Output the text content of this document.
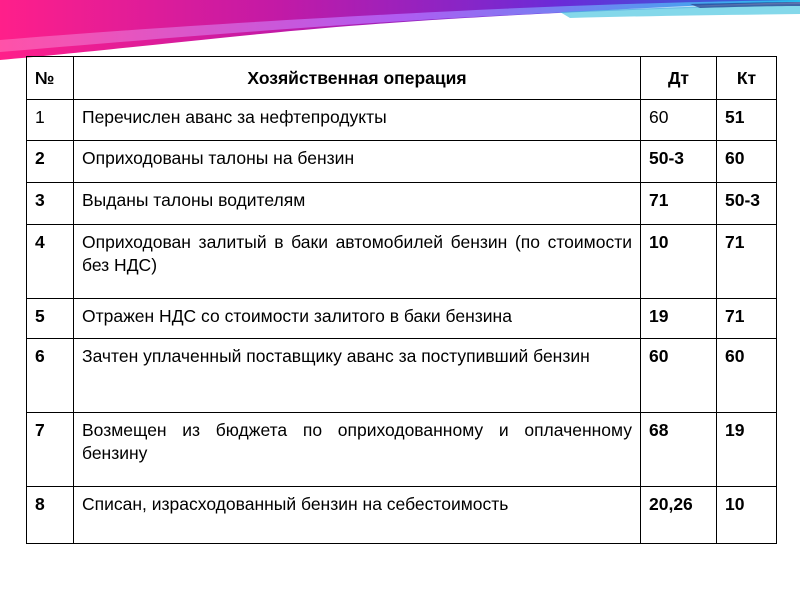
№	Хозяйственная операция	Дт	Кт
1	Перечислен аванс за нефтепродукты	60	51
2	Оприходованы талоны на бензин	50-3	60
3	Выданы талоны водителям	71	50-3
4	Оприходован залитый в баки автомобилей бензин (по стоимости без НДС)	10	71
5	Отражен НДС со стоимости залитого в баки бензина	19	71
6	Зачтен уплаченный поставщику аванс за поступивший бензин	60	60
7	Возмещен из бюджета по оприходованному и оплаченному бензину	68	19
8	Списан, израсходованный бензин на себестоимость	20,26	10
